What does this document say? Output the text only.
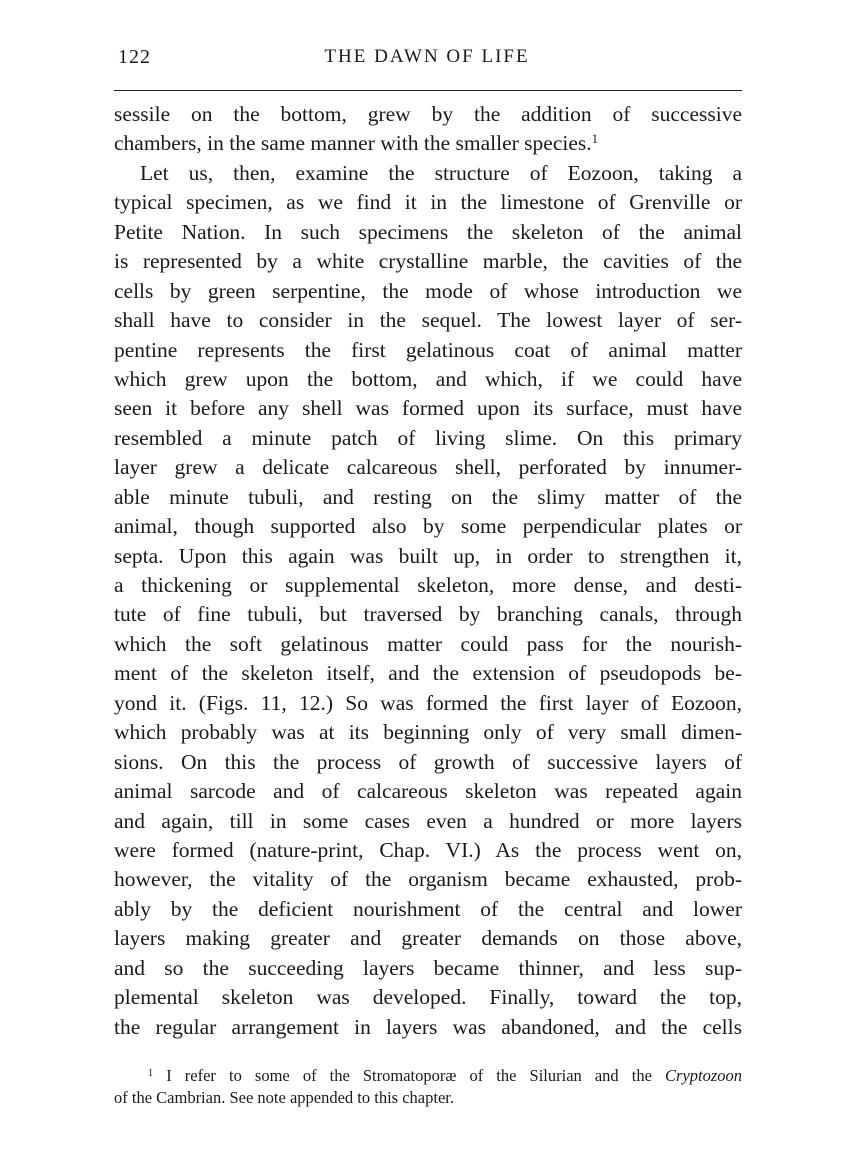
122	THE DAWN OF LIFE
sessile on the bottom, grew by the addition of successive
chambers, in the same manner with the smaller species.$^1$
Let us, then, examine the structure of Eozoon, taking a
typical specimen, as we find it in the limestone of Grenville or
Petite Nation. In such specimens the skeleton of the animal
is represented by a white crystalline marble, the cavities of the
cells by green serpentine, the mode of whose introduction we
shall have to consider in the sequel. The lowest layer of ser-
pentine represents the first gelatinous coat of animal matter
which grew upon the bottom, and which, if we could have
seen it before any shell was formed upon its surface, must have
resembled a minute patch of living slime. On this primary
layer grew a delicate calcareous shell, perforated by innumer-
able minute tubuli, and resting on the slimy matter of the
animal, though supported also by some perpendicular plates or
septa. Upon this again was built up, in order to strengthen it,
a thickening or supplemental skeleton, more dense, and desti-
tute of fine tubuli, but traversed by branching canals, through
which the soft gelatinous matter could pass for the nourish-
ment of the skeleton itself, and the extension of pseudopods be-
yond it. (Figs. 11, 12.) So was formed the first layer of Eozoon,
which probably was at its beginning only of very small dimen-
sions. On this the process of growth of successive layers of
animal sarcode and of calcareous skeleton was repeated again
and again, till in some cases even a hundred or more layers
were formed (nature-print, Chap. VI.) As the process went on,
however, the vitality of the organism became exhausted, prob-
ably by the deficient nourishment of the central and lower
layers making greater and greater demands on those above,
and so the succeeding layers became thinner, and less sup-
plemental skeleton was developed. Finally, toward the top,
the regular arrangement in layers was abandoned, and the cells
$^1$ I refer to some of the Stromatoporæ of the Silurian and the Cryptozoon
of the Cambrian. See note appended to this chapter.
